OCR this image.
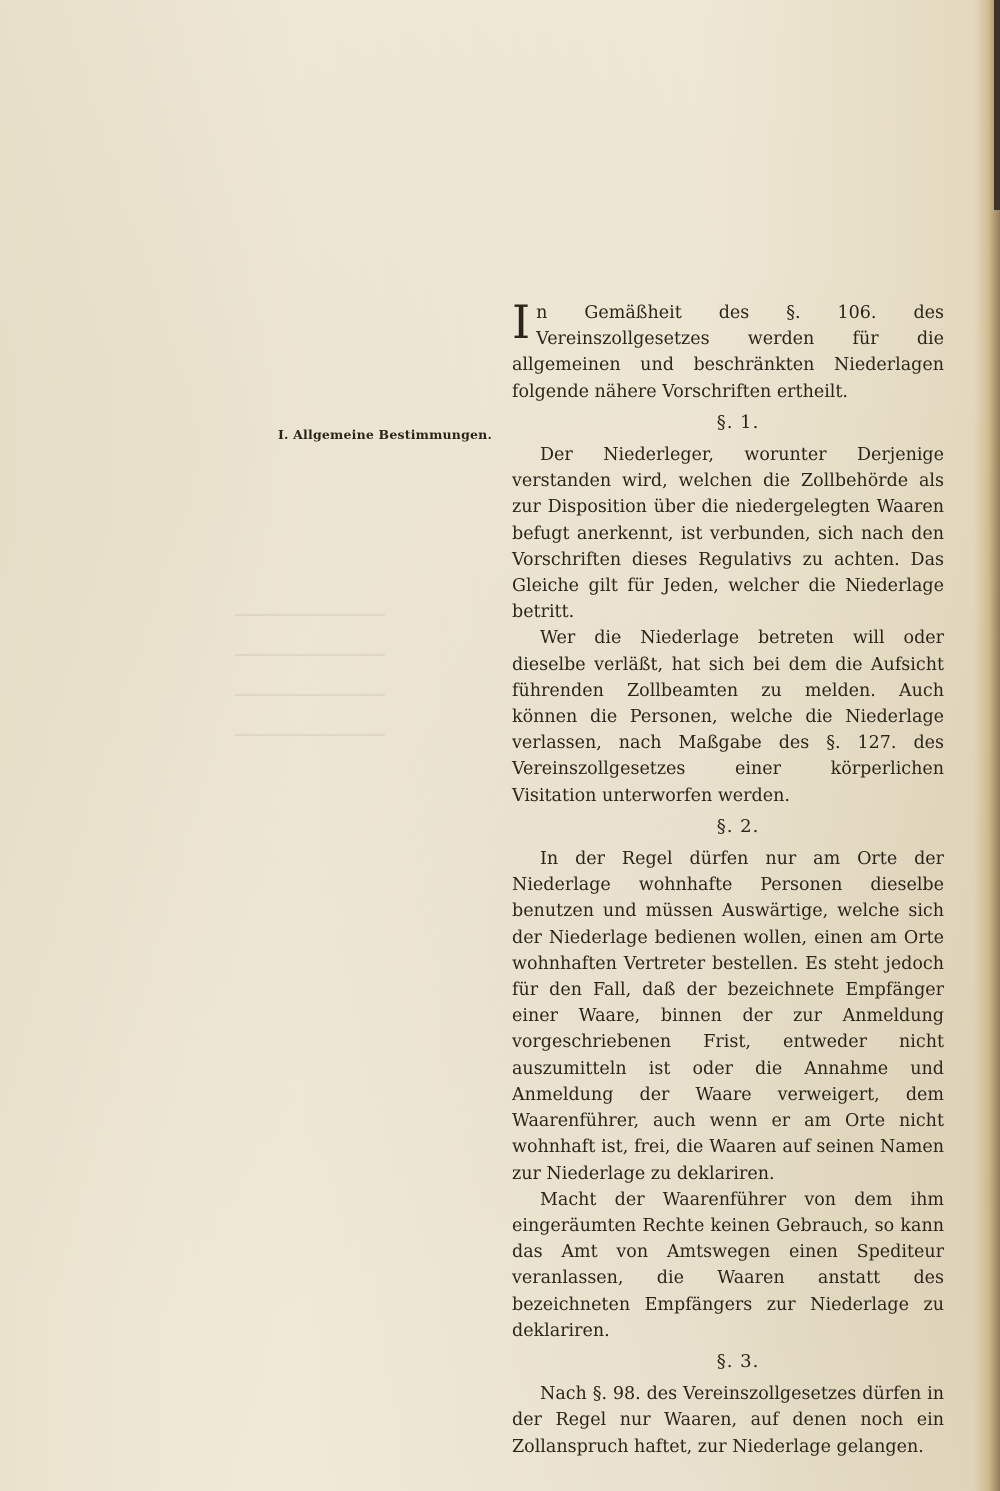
I. Allgemeine Bestimmungen.

In Gemäßheit des §. 106. des Vereinszollgesetzes werden für die allgemeinen und beschränkten Niederlagen folgende nähere Vorschriften ertheilt.

§. 1.

Der Niederleger, worunter Derjenige verstanden wird, welchen die Zollbehörde als zur Disposition über die niedergelegten Waaren befugt anerkennt, ist verbunden, sich nach den Vorschriften dieses Regulativs zu achten. Das Gleiche gilt für Jeden, welcher die Niederlage betritt.

Wer die Niederlage betreten will oder dieselbe verläßt, hat sich bei dem die Aufsicht führenden Zollbeamten zu melden. Auch können die Personen, welche die Niederlage verlassen, nach Maßgabe des §. 127. des Vereinszollgesetzes einer körperlichen Visitation unterworfen werden.

§. 2.

In der Regel dürfen nur am Orte der Niederlage wohnhafte Personen dieselbe benutzen und müssen Auswärtige, welche sich der Niederlage bedienen wollen, einen am Orte wohnhaften Vertreter bestellen. Es steht jedoch für den Fall, daß der bezeichnete Empfänger einer Waare, binnen der zur Anmeldung vorgeschriebenen Frist, entweder nicht auszumitteln ist oder die Annahme und Anmeldung der Waare verweigert, dem Waarenführer, auch wenn er am Orte nicht wohnhaft ist, frei, die Waaren auf seinen Namen zur Niederlage zu deklariren.

Macht der Waarenführer von dem ihm eingeräumten Rechte keinen Gebrauch, so kann das Amt von Amtswegen einen Spediteur veranlassen, die Waaren anstatt des bezeichneten Empfängers zur Niederlage zu deklariren.

§. 3.

Nach §. 98. des Vereinszollgesetzes dürfen in der Regel nur Waaren, auf denen noch ein Zollanspruch haftet, zur Niederlage gelangen.
